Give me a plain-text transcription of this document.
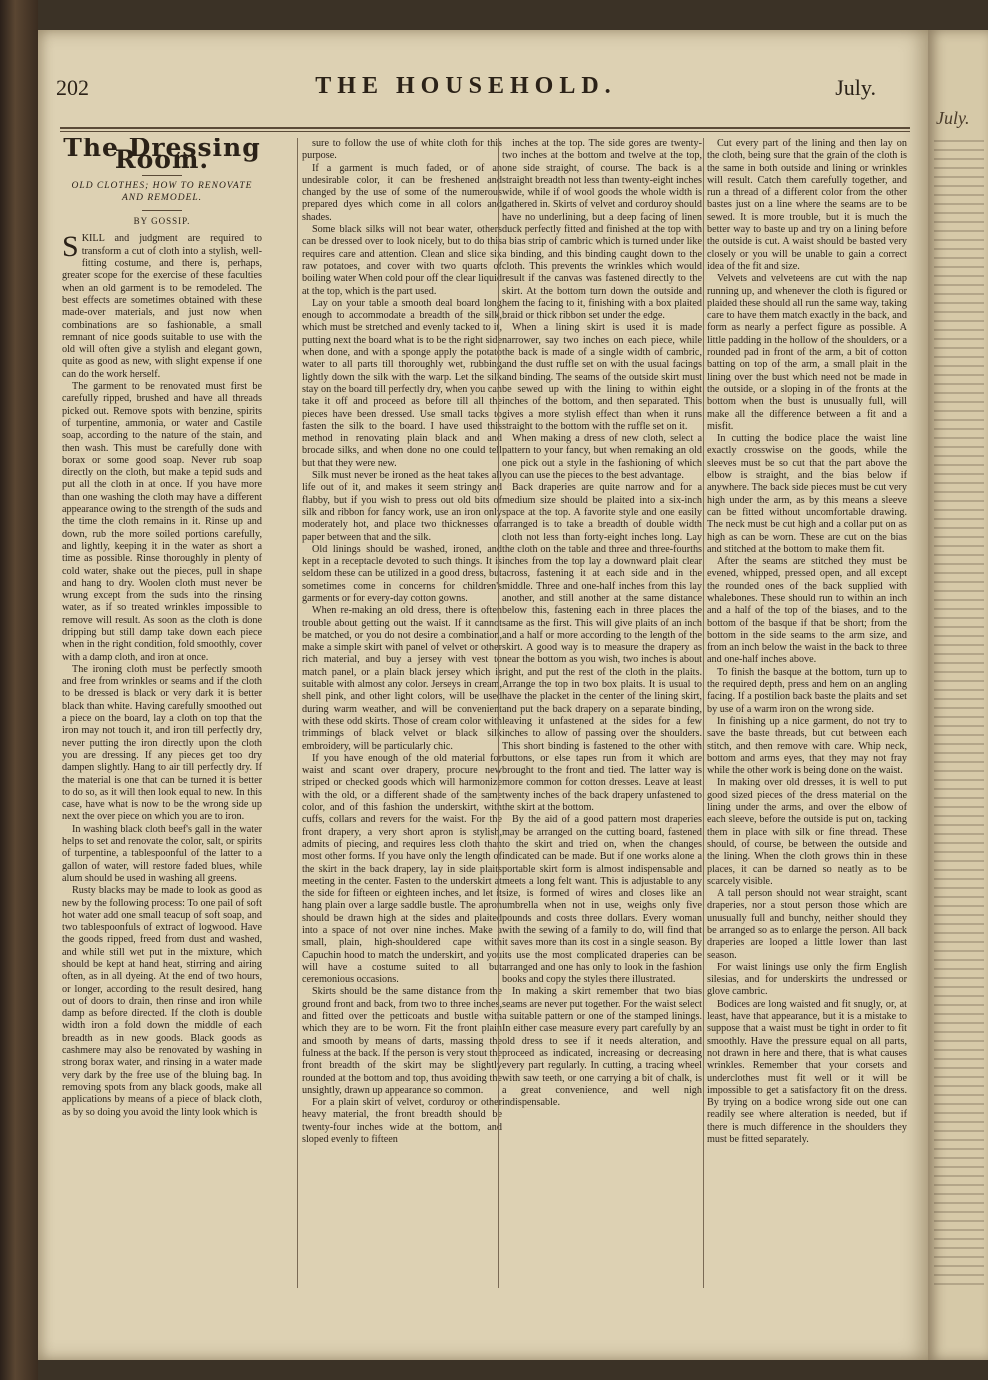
July.
202	THE HOUSEHOLD.	July.
The Dressing Room.
OLD CLOTHES; HOW TO RENOVATE AND REMODEL.
BY GOSSIP.

SKILL and judgment are required to transform a cut of cloth into a stylish, well-fitting costume, and there is, perhaps, greater scope for the exercise of these faculties when an old garment is to be remodeled. The best effects are sometimes obtained with these made-over materials, and just now when combinations are so fashionable, a small remnant of nice goods suitable to use with the old will often give a stylish and elegant gown, quite as good as new, with slight expense if one can do the work herself.

The garment to be renovated must first be carefully ripped, brushed and have all threads picked out. Remove spots with benzine, spirits of turpentine, ammonia, or water and Castile soap, according to the nature of the stain, and then wash. This must be carefully done with borax or some good soap. Never rub soap directly on the cloth, but make a tepid suds and put all the cloth in at once. If you have more than one washing the cloth may have a different appearance owing to the strength of the suds and the time the cloth remains in it. Rinse up and down, rub the more soiled portions carefully, and lightly, keeping it in the water as short a time as possible. Rinse thoroughly in plenty of cold water, shake out the pieces, pull in shape and hang to dry. Woolen cloth must never be wrung except from the suds into the rinsing water, as if so treated wrinkles impossible to remove will result. As soon as the cloth is done dripping but still damp take down each piece when in the right condition, fold smoothly, cover with a damp cloth, and iron at once.

The ironing cloth must be perfectly smooth and free from wrinkles or seams and if the cloth to be dressed is black or very dark it is better black than white. Having carefully smoothed out a piece on the board, lay a cloth on top that the iron may not touch it, and iron till perfectly dry, never putting the iron directly upon the cloth you are dressing. If any pieces get too dry dampen slightly. Hang to air till perfectly dry. If the material is one that can be turned it is better to do so, as it will then look equal to new. In this case, have what is now to be the wrong side up next the over piece on which you are to iron.

In washing black cloth beef's gall in the water helps to set and renovate the color, salt, or spirits of turpentine, a tablespoonful of the latter to a gallon of water, will restore faded blues, while alum should be used in washing all greens.

Rusty blacks may be made to look as good as new by the following process: To one pail of soft hot water add one small teacup of soft soap, and two tablespoonfuls of extract of logwood. Have the goods ripped, freed from dust and washed, and while still wet put in the mixture, which should be kept at hand heat, stirring and airing often, as in all dyeing. At the end of two hours, or longer, according to the result desired, hang out of doors to drain, then rinse and iron while damp as before directed. If the cloth is double width iron a fold down the middle of each breadth as in new goods. Black goods as cashmere may also be renovated by washing in strong borax water, and rinsing in a water made very dark by the free use of the bluing bag. In removing spots from any black goods, make all applications by means of a piece of black cloth, as by so doing you avoid the linty look which is

sure to follow the use of white cloth for this purpose.

If a garment is much faded, or of an undesirable color, it can be freshened and changed by the use of some of the numerous prepared dyes which come in all colors and shades.

Some black silks will not bear water, others can be dressed over to look nicely, but to do this requires care and attention. Clean and slice six raw potatoes, and cover with two quarts of boiling water When cold pour off the clear liquid at the top, which is the part used.

Lay on your table a smooth deal board long enough to accommodate a breadth of the silk, which must be stretched and evenly tacked to it, putting next the board what is to be the right side when done, and with a sponge apply the potato water to all parts till thoroughly wet, rubbing lightly down the silk with the warp. Let the silk stay on the board till perfectly dry, when you can take it off and proceed as before till all the pieces have been dressed. Use small tacks to fasten the silk to the board. I have used this method in renovating plain black and and brocade silks, and when done no one could tell but that they were new.

Silk must never be ironed as the heat takes all life out of it, and makes it seem stringy and flabby, but if you wish to press out old bits of silk and ribbon for fancy work, use an iron only moderately hot, and place two thicknesses of paper between that and the silk.

Old linings should be washed, ironed, and kept in a receptacle devoted to such things. It is seldom these can be utilized in a good dress, but sometimes come in concerns for children's garments or for every-day cotton gowns.

When re-making an old dress, there is often trouble about getting out the waist. If it cannot be matched, or you do not desire a combination, make a simple skirt with panel of velvet or other rich material, and buy a jersey with vest to match panel, or a plain black jersey which is suitable with almost any color. Jerseys in cream, shell pink, and other light colors, will be used during warm weather, and will be convenient with these odd skirts. Those of cream color with trimmings of black velvet or black silk embroidery, will be particularly chic.

If you have enough of the old material for waist and scant over drapery, procure new striped or checked goods which will harmonize with the old, or a different shade of the same color, and of this fashion the underskirt, with cuffs, collars and revers for the waist. For the front drapery, a very short apron is stylish, admits of piecing, and requires less cloth than most other forms. If you have only the length of the skirt in the back drapery, lay in side plaits meeting in the center. Fasten to the underskirt at the side for fifteen or eighteen inches, and let it hang plain over a large saddle bustle. The apron should be drawn high at the sides and plaited into a space of not over nine inches. Make a small, plain, high-shouldered cape with Capuchin hood to match the underskirt, and you will have a costume suited to all but ceremonious occasions.

Skirts should be the same distance from the ground front and back, from two to three inches, and fitted over the petticoats and bustle with which they are to be worn. Fit the front plain and smooth by means of darts, massing the fulness at the back. If the person is very stout the front breadth of the skirt may be slightly rounded at the bottom and top, thus avoiding the unsightly, drawn up appearance so common.

For a plain skirt of velvet, corduroy or other heavy material, the front breadth should be twenty-four inches wide at the bottom, and sloped evenly to fifteen

inches at the top. The side gores are twenty-two inches at the bottom and twelve at the top, one side straight, of course. The back is a straight breadth not less than twenty-eight inches wide, while if of wool goods the whole width is gathered in. Skirts of velvet and corduroy should have no underlining, but a deep facing of linen duck perfectly fitted and finished at the top with a bias strip of cambric which is turned under like a binding, and this binding caught down to the cloth. This prevents the wrinkles which would result if the canvas was fastened directly to the skirt. At the bottom turn down the outside and hem the facing to it, finishing with a box plaited braid or thick ribbon set under the edge.

When a lining skirt is used it is made narrower, say two inches on each piece, while the back is made of a single width of cambric, and the dust ruffle set on with the usual facings and binding. The seams of the outside skirt must be sewed up with the lining to within eight inches of the bottom, and then separated. This gives a more stylish effect than when it runs straight to the bottom with the ruffle set on it.

When making a dress of new cloth, select a pattern to your fancy, but when remaking an old one pick out a style in the fashioning of which you can use the pieces to the best advantage.

Back draperies are quite narrow and for a medium size should be plaited into a six-inch space at the top. A favorite style and one easily arranged is to take a breadth of double width cloth not less than forty-eight inches long. Lay the cloth on the table and three and three-fourths inches from the top lay a downward plait clear across, fastening it at each side and in the middle. Three and one-half inches from this lay another, and still another at the same distance below this, fastening each in three places the same as the first. This will give plaits of an inch and a half or more according to the length of the skirt. A good way is to measure the drapery as near the bottom as you wish, two inches is about right, and put the rest of the cloth in the plaits. Arrange the top in two box plaits. It is usual to have the placket in the center of the lining skirt, and put the back drapery on a separate binding, leaving it unfastened at the sides for a few inches to allow of passing over the shoulders. This short binding is fastened to the other with buttons, or else tapes run from it which are brought to the front and tied. The latter way is more common for cotton dresses. Leave at least twenty inches of the back drapery unfastened to the skirt at the bottom.

By the aid of a good pattern most draperies may be arranged on the cutting board, fastened to the skirt and tried on, when the changes indicated can be made. But if one works alone a portable skirt form is almost indispensable and meets a long felt want. This is adjustable to any size, is formed of wires and closes like an umbrella when not in use, weighs only five pounds and costs three dollars. Every woman with the sewing of a family to do, will find that it saves more than its cost in a single season. By its use the most complicated draperies can be arranged and one has only to look in the fashion books and copy the styles there illustrated.

In making a skirt remember that two bias seams are never put together. For the waist select a suitable pattern or one of the stamped linings. In either case measure every part carefully by an old dress to see if it needs alteration, and proceed as indicated, increasing or decreasing every part regularly. In cutting, a tracing wheel with saw teeth, or one carrying a bit of chalk, is a great convenience, and well nigh indispensable.

Cut every part of the lining and then lay on the cloth, being sure that the grain of the cloth is the same in both outside and lining or wrinkles will result. Catch them carefully together, and run a thread of a different color from the other bastes just on a line where the seams are to be sewed. It is more trouble, but it is much the better way to baste up and try on a lining before the outside is cut. A waist should be basted very closely or you will be unable to gain a correct idea of the fit and size.

Velvets and velveteens are cut with the nap running up, and whenever the cloth is figured or plaided these should all run the same way, taking care to have them match exactly in the back, and form as nearly a perfect figure as possible. A little padding in the hollow of the shoulders, or a rounded pad in front of the arm, a bit of cotton batting on top of the arm, a small plait in the lining over the bust which need not be made in the outside, or a sloping in of the fronts at the bottom when the bust is unusually full, will make all the difference between a fit and a misfit.

In cutting the bodice place the waist line exactly crosswise on the goods, while the sleeves must be so cut that the part above the elbow is straight, and the bias below if anywhere. The back side pieces must be cut very high under the arm, as by this means a sleeve can be fitted without uncomfortable drawing. The neck must be cut high and a collar put on as high as can be worn. These are cut on the bias and stitched at the bottom to make them fit.

After the seams are stitched they must be evened, whipped, pressed open, and all except the rounded ones of the back supplied with whalebones. These should run to within an inch and a half of the top of the biases, and to the bottom of the basque if that be short; from the bottom in the side seams to the arm size, and from an inch below the waist in the back to three and one-half inches above.

To finish the basque at the bottom, turn up to the required depth, press and hem on an angling facing. If a postilion back baste the plaits and set by use of a warm iron on the wrong side.

In finishing up a nice garment, do not try to save the baste threads, but cut between each stitch, and then remove with care. Whip neck, bottom and arms eyes, that they may not fray while the other work is being done on the waist.

In making over old dresses, it is well to put good sized pieces of the dress material on the lining under the arms, and over the elbow of each sleeve, before the outside is put on, tacking them in place with silk or fine thread. These should, of course, be between the outside and the lining. When the cloth grows thin in these places, it can be darned so neatly as to be scarcely visible.

A tall person should not wear straight, scant draperies, nor a stout person those which are unusually full and bunchy, neither should they be arranged so as to enlarge the person. All back draperies are looped a little lower than last season.

For waist linings use only the firm English silesias, and for underskirts the undressed or glove cambric.

Bodices are long waisted and fit snugly, or, at least, have that appearance, but it is a mistake to suppose that a waist must be tight in order to fit smoothly. Have the pressure equal on all parts, not drawn in here and there, that is what causes wrinkles. Remember that your corsets and underclothes must fit well or it will be impossible to get a satisfactory fit on the dress. By trying on a bodice wrong side out one can readily see where alteration is needed, but if there is much difference in the shoulders they must be fitted separately.
